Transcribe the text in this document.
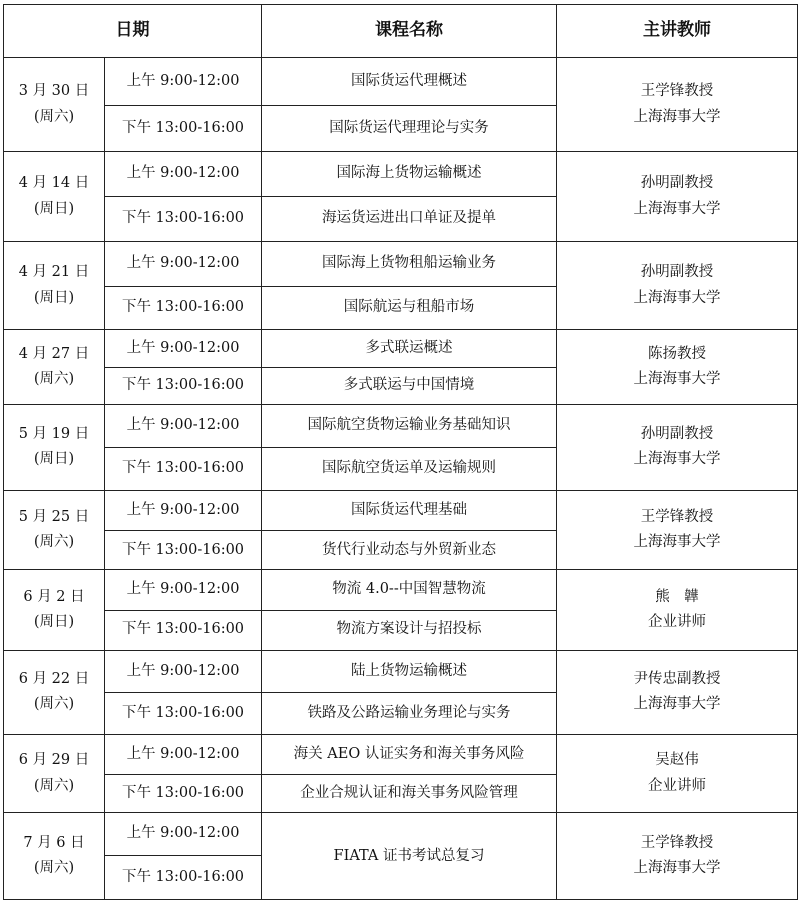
日期		课程名称	主讲教师
3 月 30 日
(周六)	上午 9:00-12:00	国际货运代理概述	王学锋教授
上海海事大学
	下午 13:00-16:00	国际货运代理理论与实务	
4 月 14 日
(周日)	上午 9:00-12:00	国际海上货物运输概述	孙明副教授
上海海事大学
	下午 13:00-16:00	海运货运进出口单证及提单	
4 月 21 日
(周日)	上午 9:00-12:00	国际海上货物租船运输业务	孙明副教授
上海海事大学
	下午 13:00-16:00	国际航运与租船市场	
4 月 27 日
(周六)	上午 9:00-12:00	多式联运概述	陈扬教授
上海海事大学
	下午 13:00-16:00	多式联运与中国情境	
5 月 19 日
(周日)	上午 9:00-12:00	国际航空货物运输业务基础知识	孙明副教授
上海海事大学
	下午 13:00-16:00	国际航空货运单及运输规则	
5 月 25 日
(周六)	上午 9:00-12:00	国际货运代理基础	王学锋教授
上海海事大学
	下午 13:00-16:00	货代行业动态与外贸新业态	
6 月 2 日
(周日)	上午 9:00-12:00	物流 4.0--中国智慧物流	熊　韡
企业讲师
	下午 13:00-16:00	物流方案设计与招投标	
6 月 22 日
(周六)	上午 9:00-12:00	陆上货物运输概述	尹传忠副教授
上海海事大学
	下午 13:00-16:00	铁路及公路运输业务理论与实务	
6 月 29 日
(周六)	上午 9:00-12:00	海关 AEO 认证实务和海关事务风险	吴赵伟
企业讲师
	下午 13:00-16:00	企业合规认证和海关事务风险管理	
7 月 6 日
(周六)	上午 9:00-12:00	FIATA 证书考试总复习	王学锋教授
上海海事大学
	下午 13:00-16:00		
